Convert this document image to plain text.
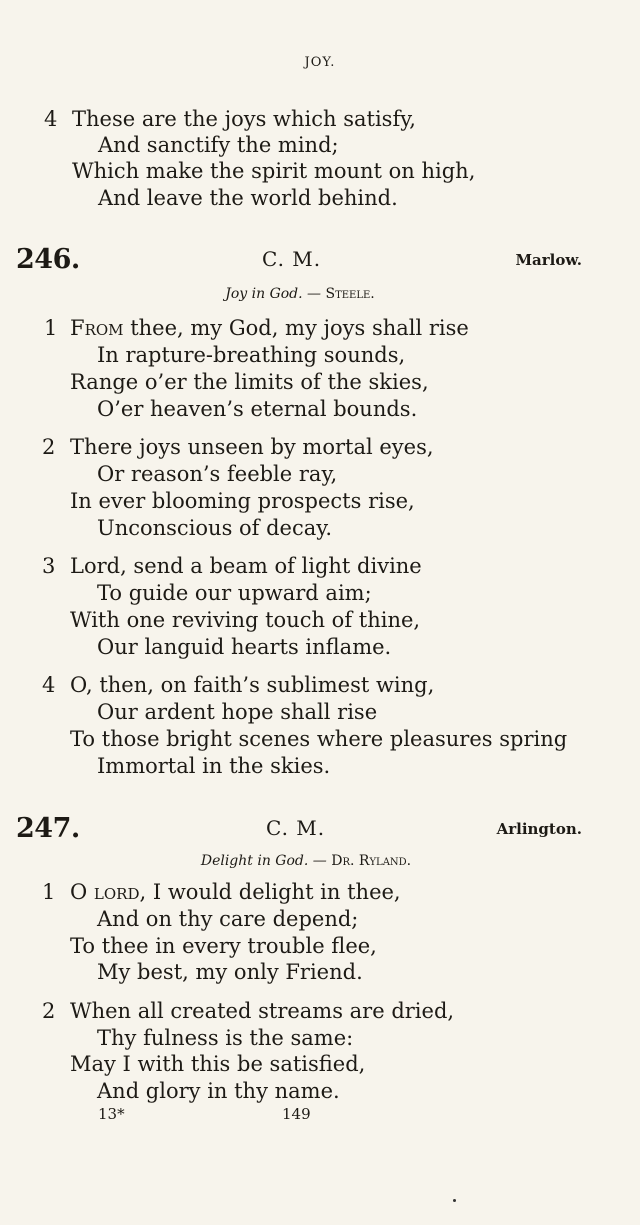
JOY.
4 These are the joys which satisfy,
And sanctify the mind;
Which make the spirit mount on high,
And leave the world behind.
246.	C. M.	Marlow.
Joy in God. — Steele.
1 From thee, my God, my joys shall rise
In rapture-breathing sounds,
Range o’er the limits of the skies,
O’er heaven’s eternal bounds.
2 There joys unseen by mortal eyes,
Or reason’s feeble ray,
In ever blooming prospects rise,
Unconscious of decay.
3 Lord, send a beam of light divine
To guide our upward aim;
With one reviving touch of thine,
Our languid hearts inflame.
4 O, then, on faith’s sublimest wing,
Our ardent hope shall rise
To those bright scenes where pleasures spring
Immortal in the skies.
247.	C. M.	Arlington.
Delight in God. — Dr. Ryland.
1 O lord, I would delight in thee,
And on thy care depend;
To thee in every trouble flee,
My best, my only Friend.
2 When all created streams are dried,
Thy fulness is the same:
May I with this be satisfied,
And glory in thy name.
13*	149
